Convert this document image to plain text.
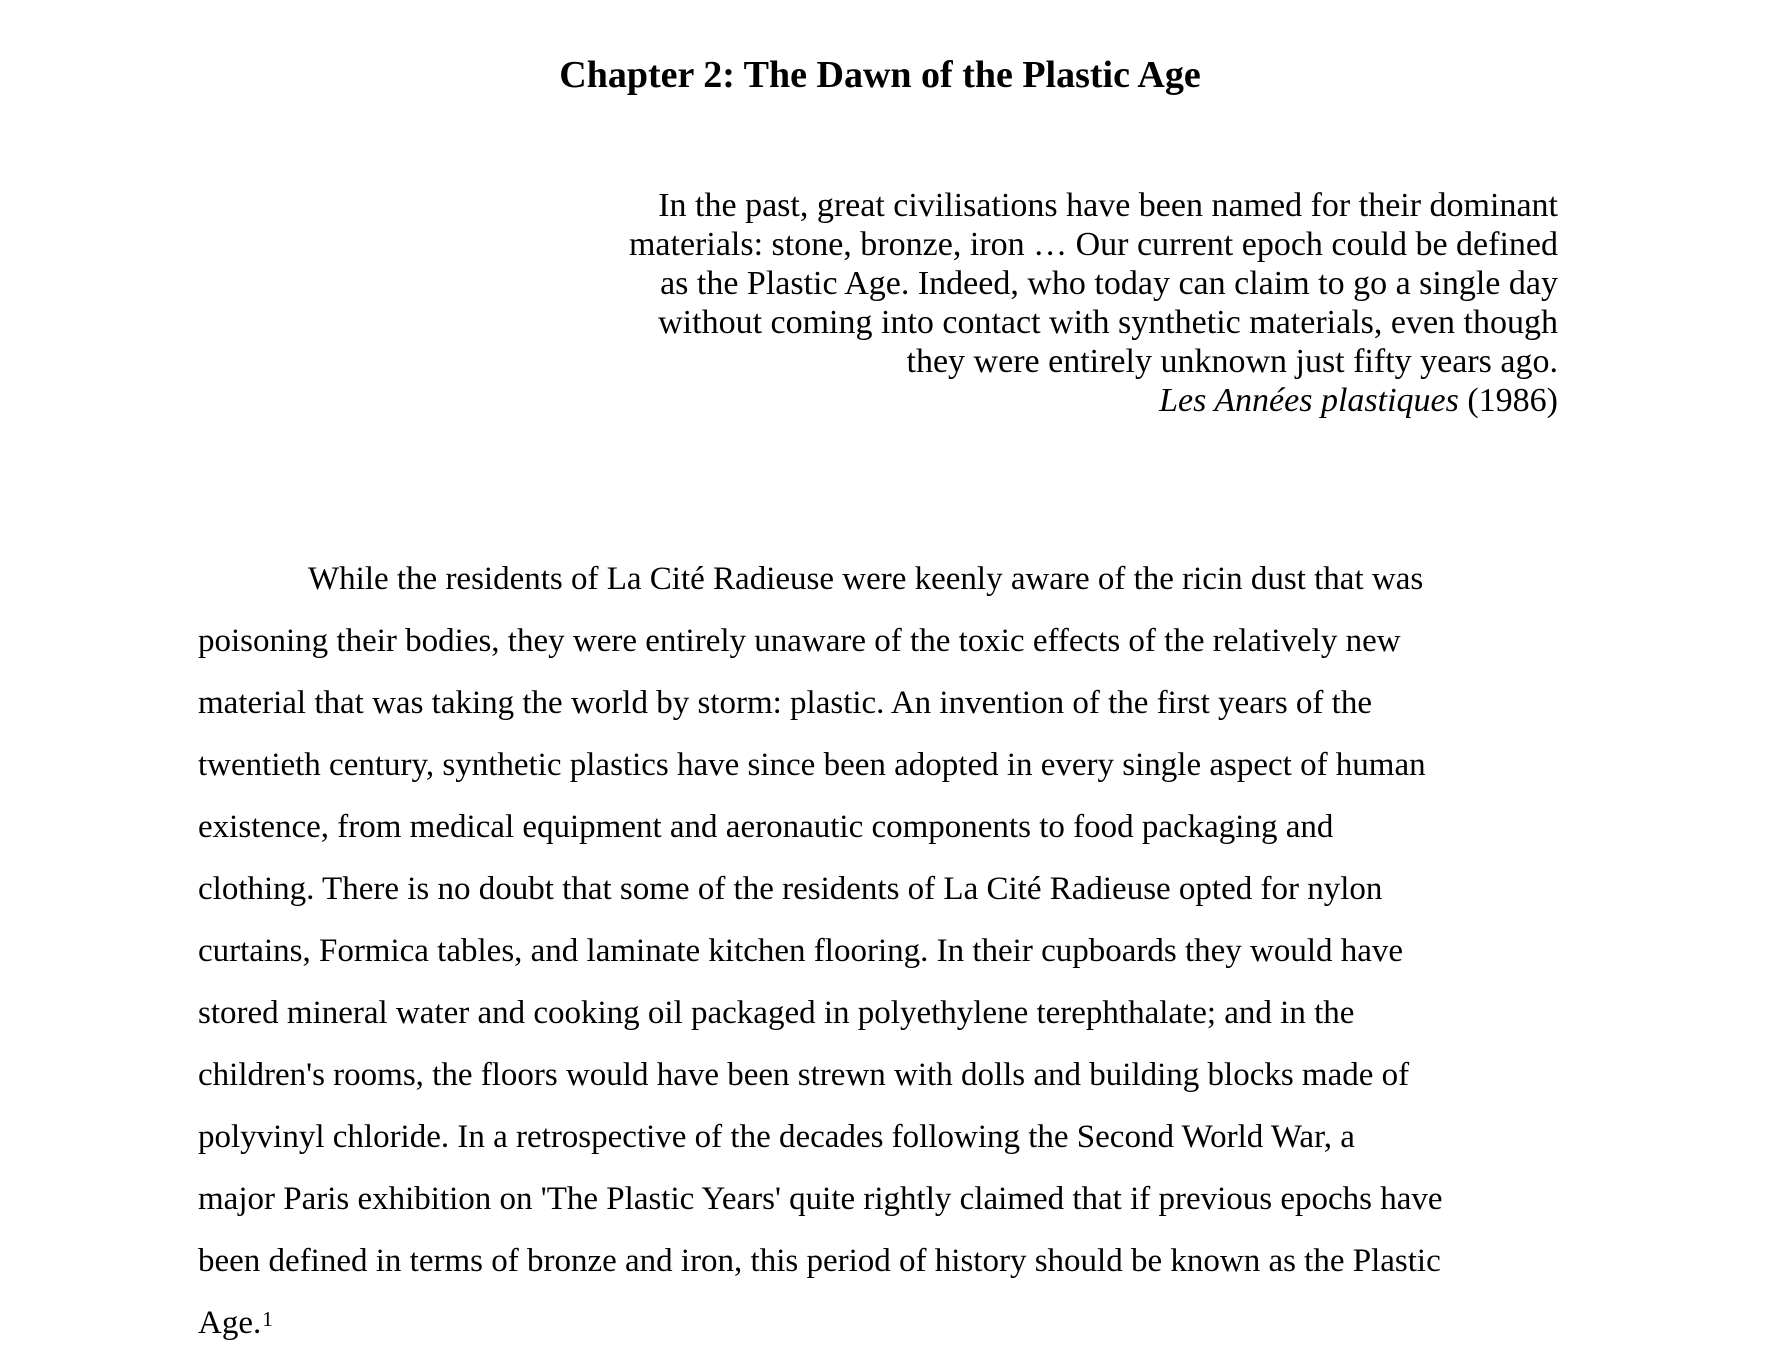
Chapter 2: The Dawn of the Plastic Age
In the past, great civilisations have been named for their dominant
materials: stone, bronze, iron … Our current epoch could be defined
as the Plastic Age. Indeed, who today can claim to go a single day
without coming into contact with synthetic materials, even though
they were entirely unknown just fifty years ago.
Les Années plastiques (1986)
While the residents of La Cité Radieuse were keenly aware of the ricin dust that was
poisoning their bodies, they were entirely unaware of the toxic effects of the relatively new
material that was taking the world by storm: plastic. An invention of the first years of the
twentieth century, synthetic plastics have since been adopted in every single aspect of human
existence, from medical equipment and aeronautic components to food packaging and
clothing. There is no doubt that some of the residents of La Cité Radieuse opted for nylon
curtains, Formica tables, and laminate kitchen flooring. In their cupboards they would have
stored mineral water and cooking oil packaged in polyethylene terephthalate; and in the
children's rooms, the floors would have been strewn with dolls and building blocks made of
polyvinyl chloride. In a retrospective of the decades following the Second World War, a
major Paris exhibition on 'The Plastic Years' quite rightly claimed that if previous epochs have
been defined in terms of bronze and iron, this period of history should be known as the Plastic
Age.$^1$
